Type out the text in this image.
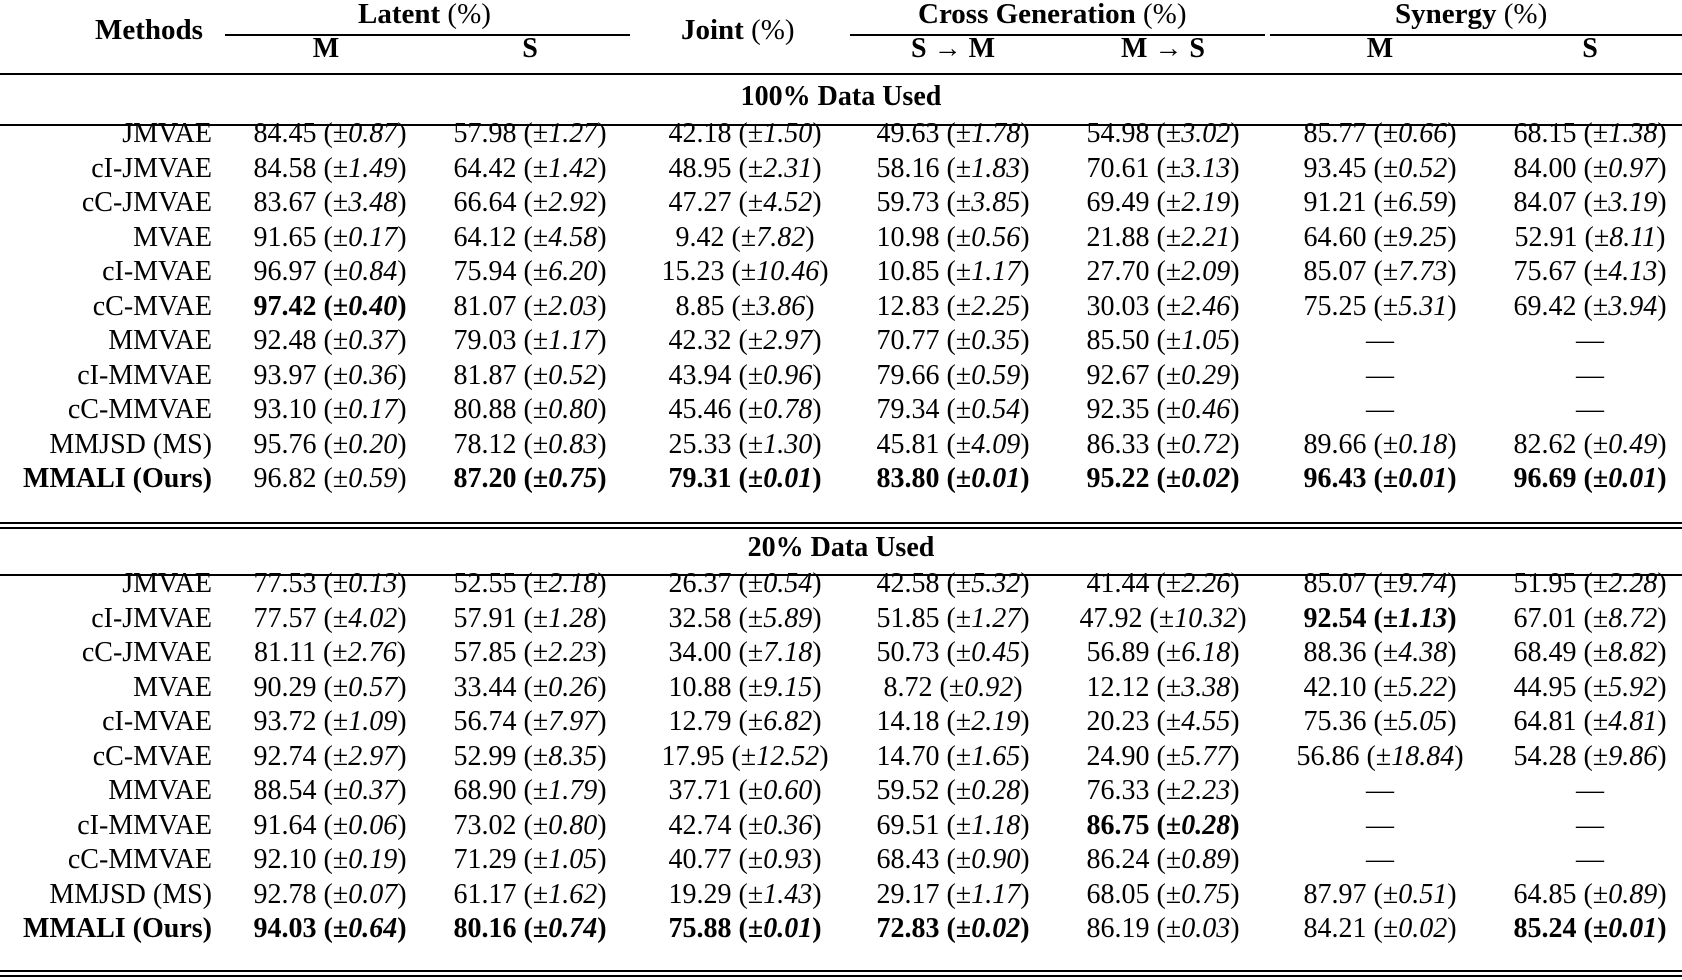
Methods	Latent (%)	Joint (%)	Cross Generation (%)	Synergy (%)
M	S	S → M	M → S	M	S
100% Data Used
JMVAE	84.45 (±0.87)	57.98 (±1.27)	42.18 (±1.50)	49.63 (±1.78)	54.98 (±3.02)	85.77 (±0.66)	68.15 (±1.38)
cI-JMVAE	84.58 (±1.49)	64.42 (±1.42)	48.95 (±2.31)	58.16 (±1.83)	70.61 (±3.13)	93.45 (±0.52)	84.00 (±0.97)
cC-JMVAE	83.67 (±3.48)	66.64 (±2.92)	47.27 (±4.52)	59.73 (±3.85)	69.49 (±2.19)	91.21 (±6.59)	84.07 (±3.19)
MVAE	91.65 (±0.17)	64.12 (±4.58)	9.42 (±7.82)	10.98 (±0.56)	21.88 (±2.21)	64.60 (±9.25)	52.91 (±8.11)
cI-MVAE	96.97 (±0.84)	75.94 (±6.20)	15.23 (±10.46)	10.85 (±1.17)	27.70 (±2.09)	85.07 (±7.73)	75.67 (±4.13)
cC-MVAE	97.42 (±0.40)	81.07 (±2.03)	8.85 (±3.86)	12.83 (±2.25)	30.03 (±2.46)	75.25 (±5.31)	69.42 (±3.94)
MMVAE	92.48 (±0.37)	79.03 (±1.17)	42.32 (±2.97)	70.77 (±0.35)	85.50 (±1.05)	—	—
cI-MMVAE	93.97 (±0.36)	81.87 (±0.52)	43.94 (±0.96)	79.66 (±0.59)	92.67 (±0.29)	—	—
cC-MMVAE	93.10 (±0.17)	80.88 (±0.80)	45.46 (±0.78)	79.34 (±0.54)	92.35 (±0.46)	—	—
MMJSD (MS)	95.76 (±0.20)	78.12 (±0.83)	25.33 (±1.30)	45.81 (±4.09)	86.33 (±0.72)	89.66 (±0.18)	82.62 (±0.49)
MMALI (Ours)	96.82 (±0.59)	87.20 (±0.75)	79.31 (±0.01)	83.80 (±0.01)	95.22 (±0.02)	96.43 (±0.01)	96.69 (±0.01)
20% Data Used
JMVAE	77.53 (±0.13)	52.55 (±2.18)	26.37 (±0.54)	42.58 (±5.32)	41.44 (±2.26)	85.07 (±9.74)	51.95 (±2.28)
cI-JMVAE	77.57 (±4.02)	57.91 (±1.28)	32.58 (±5.89)	51.85 (±1.27)	47.92 (±10.32)	92.54 (±1.13)	67.01 (±8.72)
cC-JMVAE	81.11 (±2.76)	57.85 (±2.23)	34.00 (±7.18)	50.73 (±0.45)	56.89 (±6.18)	88.36 (±4.38)	68.49 (±8.82)
MVAE	90.29 (±0.57)	33.44 (±0.26)	10.88 (±9.15)	8.72 (±0.92)	12.12 (±3.38)	42.10 (±5.22)	44.95 (±5.92)
cI-MVAE	93.72 (±1.09)	56.74 (±7.97)	12.79 (±6.82)	14.18 (±2.19)	20.23 (±4.55)	75.36 (±5.05)	64.81 (±4.81)
cC-MVAE	92.74 (±2.97)	52.99 (±8.35)	17.95 (±12.52)	14.70 (±1.65)	24.90 (±5.77)	56.86 (±18.84)	54.28 (±9.86)
MMVAE	88.54 (±0.37)	68.90 (±1.79)	37.71 (±0.60)	59.52 (±0.28)	76.33 (±2.23)	—	—
cI-MMVAE	91.64 (±0.06)	73.02 (±0.80)	42.74 (±0.36)	69.51 (±1.18)	86.75 (±0.28)	—	—
cC-MMVAE	92.10 (±0.19)	71.29 (±1.05)	40.77 (±0.93)	68.43 (±0.90)	86.24 (±0.89)	—	—
MMJSD (MS)	92.78 (±0.07)	61.17 (±1.62)	19.29 (±1.43)	29.17 (±1.17)	68.05 (±0.75)	87.97 (±0.51)	64.85 (±0.89)
MMALI (Ours)	94.03 (±0.64)	80.16 (±0.74)	75.88 (±0.01)	72.83 (±0.02)	86.19 (±0.03)	84.21 (±0.02)	85.24 (±0.01)
